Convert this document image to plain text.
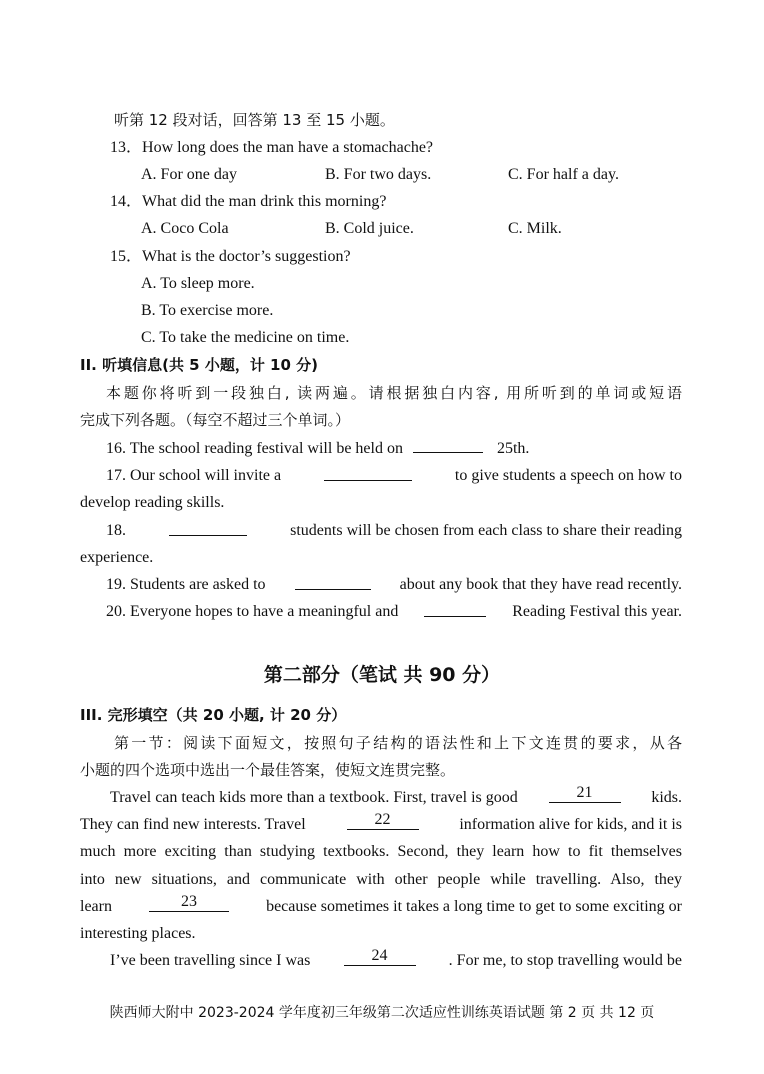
听第 12 段对话，回答第 13 至 15 小题。
13．How long does the man have a stomachache?
A. For one day	B. For two days.	C. For half a day.
14．What did the man drink this morning?
A. Coco Cola	B. Cold juice.	C. Milk.
15．What is the doctor’s suggestion?
A. To sleep more.
B. To exercise more.
C. To take the medicine on time.
II. 听填信息(共 5 小题，计 10 分)
本题你将听到一段独白, 读两遍。请根据独白内容, 用所听到的单词或短语
完成下列各题。（每空不超过三个单词。）
16. The school reading festival will be held on	25th.
17. Our school will invite a	to give students a speech on how to
develop reading skills.
18.	students will be chosen from each class to share their reading
experience.
19. Students are asked to	about any book that they have read recently.
20. Everyone hopes to have a meaningful and	Reading Festival this year.
第二部分（笔试 共 90 分）
III. 完形填空（共 20 小题, 计 20 分）
第一节：阅读下面短文，按照句子结构的语法性和上下文连贯的要求，从各
小题的四个选项中选出一个最佳答案，使短文连贯完整。
Travel can teach kids more than a textbook. First, travel is good	21	kids.
They can find new interests. Travel	22	information alive for kids, and it is
much more exciting than studying textbooks. Second, they learn how to fit themselves
into new situations, and communicate with other people while travelling. Also, they
learn	23	because sometimes it takes a long time to get to some exciting or
interesting places.
I’ve been travelling since I was	24	. For me, to stop travelling would be
陕西师大附中 2023-2024 学年度初三年级第二次适应性训练英语试题 第 2 页 共 12 页
